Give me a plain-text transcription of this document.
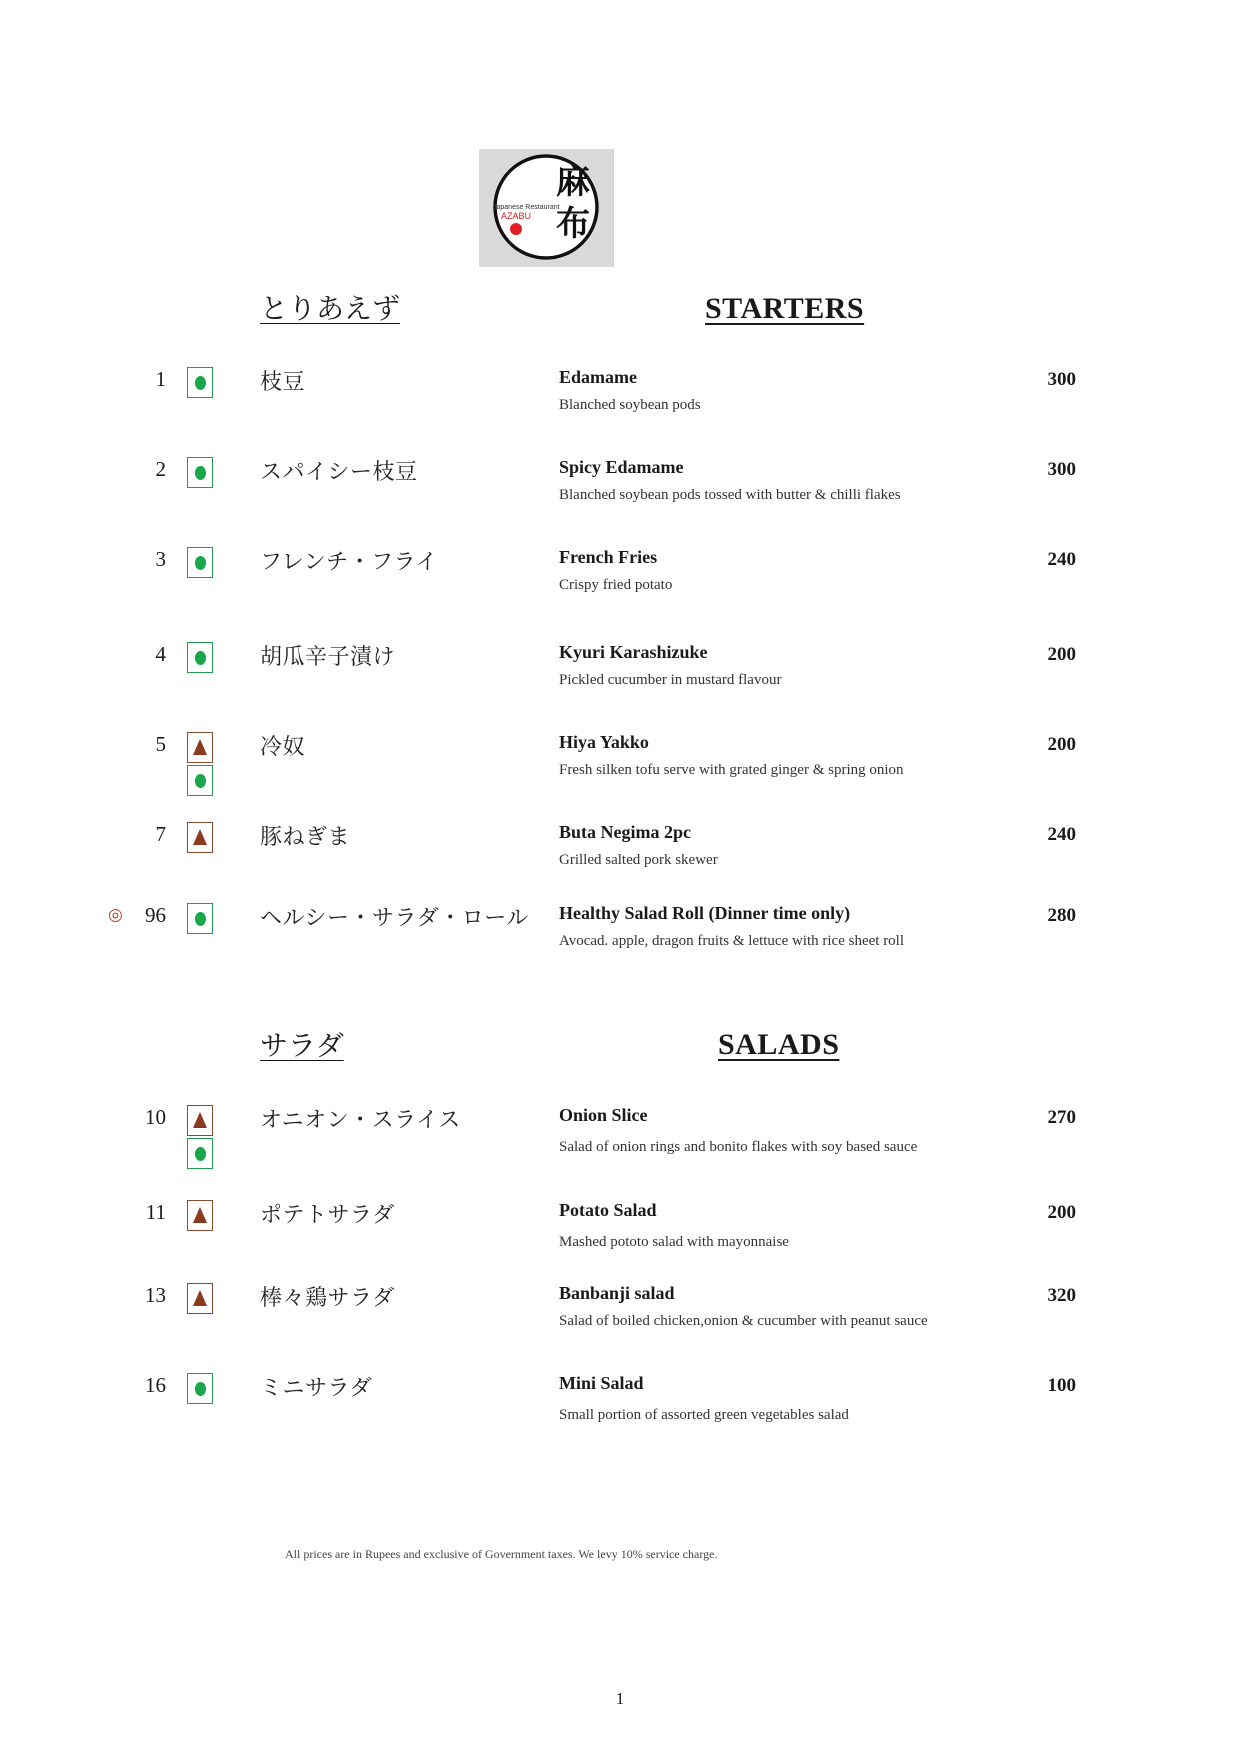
麻
布
Japanese Restaurant
AZABU
とりあえず	STARTERS
1	枝豆	Edamame
Blanched soybean pods
300
2	スパイシー枝豆	Spicy Edamame
Blanched soybean pods tossed with butter & chilli flakes
300
3	フレンチ・フライ	French Fries
Crispy fried potato
240
4	胡瓜辛子漬け	Kyuri Karashizuke
Pickled cucumber in mustard flavour
200
5	冷奴	Hiya Yakko
Fresh silken tofu serve with grated ginger & spring onion
200
7	豚ねぎま	Buta Negima 2pc
Grilled salted pork skewer
240
◎	96	ヘルシー・サラダ・ロール Healthy Salad Roll (Dinner time only)
Avocad. apple, dragon fruits & lettuce with rice sheet roll
280
サラダ	SALADS
10	オニオン・スライス	Onion Slice
Salad of onion rings and bonito flakes with soy based sauce
270
11	ポテトサラダ	Potato Salad
Mashed pototo salad with mayonnaise
200
13	棒々鶏サラダ	Banbanji salad
Salad of boiled chicken,onion & cucumber with peanut sauce
320
16	ミニサラダ	Mini Salad
Small portion of assorted green vegetables salad
100
All prices are in Rupees and exclusive of Government taxes. We levy 10% service charge.
1
